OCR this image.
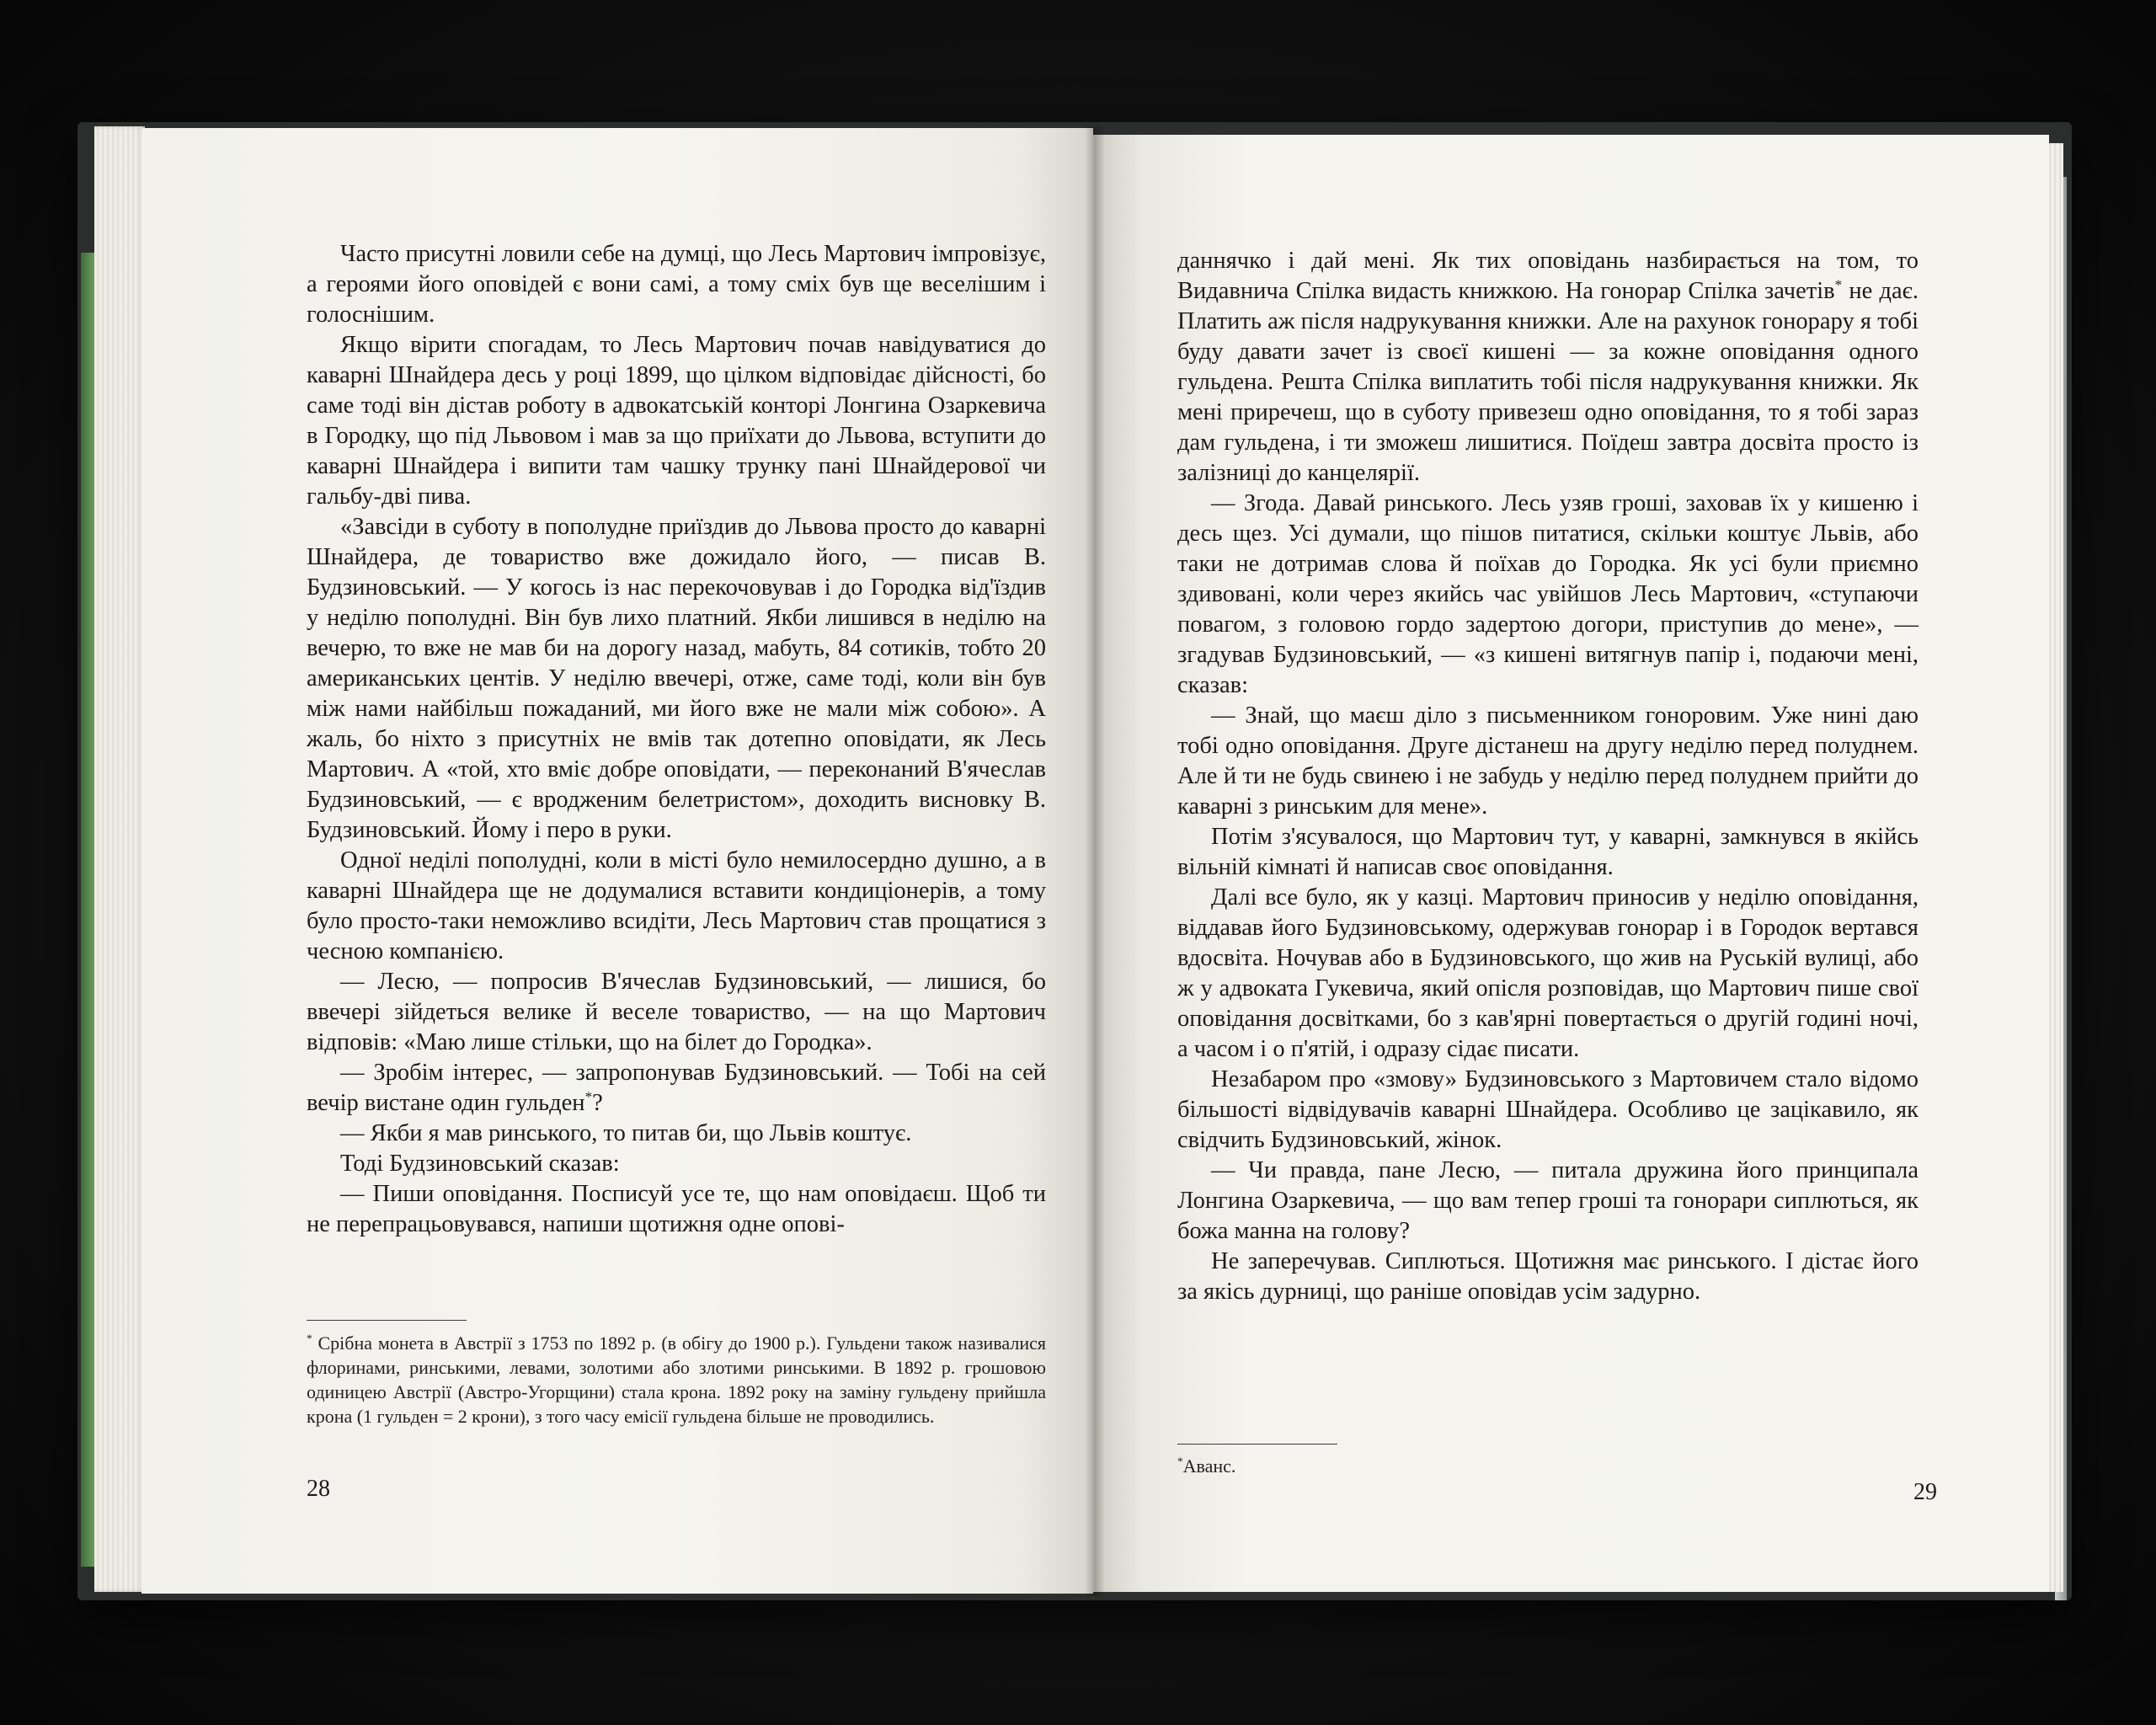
Часто присутні ловили себе на думці, що Лесь Мартович імпровізує, а героями його оповідей є вони самі, а тому сміх був ще веселішим і голоснішим.

Якщо вірити спогадам, то Лесь Мартович почав навідуватися до каварні Шнайдера десь у році 1899, що цілком відповідає дійсності, бо саме тоді він дістав роботу в адвокатській конторі Лонгина Озаркевича в Городку, що під Львовом і мав за що приїхати до Львова, вступити до каварні Шнайдера і випити там чашку трунку пані Шнайдерової чи гальбу-дві пива.

«Завсіди в суботу в пополудне приїздив до Львова просто до каварні Шнайдера, де товариство вже дожидало його, — писав В. Будзиновський. — У когось із нас перекочовував і до Городка від'їздив у неділю пополудні. Він був лихо платний. Якби лишився в неділю на вечерю, то вже не мав би на дорогу назад, мабуть, 84 сотиків, тобто 20 американських центів. У неділю ввечері, отже, саме тоді, коли він був між нами найбільш пожаданий, ми його вже не мали між собою». А жаль, бо ніхто з присутніх не вмів так дотепно оповідати, як Лесь Мартович. А «той, хто вміє добре оповідати, — переконаний В'ячеслав Будзиновський, — є вродженим белетристом», доходить висновку В. Будзиновський. Йому і перо в руки.

Одної неділі пополудні, коли в місті було немилосердно душно, а в каварні Шнайдера ще не додумалися вставити кондиціонерів, а тому було просто-таки неможливо всидіти, Лесь Мартович став прощатися з чесною компанією.

— Лесю, — попросив В'ячеслав Будзиновський, — лишися, бо ввечері зійдеться велике й веселе товариство, — на що Мартович відповів: «Маю лише стільки, що на білет до Городка».

— Зробім інтерес, — запропонував Будзиновський. — Тобі на сей вечір вистане один гульден*?

— Якби я мав ринського, то питав би, що Львів коштує.

Тоді Будзиновський сказав:

— Пиши оповідання. Посписуй усе те, що нам оповідаєш. Щоб ти не перепрацьовувався, напиши щотижня одне опові-

* Срібна монета в Австрії з 1753 по 1892 р. (в обігу до 1900 р.). Гульдени також називалися флоринами, ринськими, левами, золотими або злотими ринськими. В 1892 р. грошовою одиницею Австрії (Австро-Угорщини) стала крона. 1892 року на заміну гульдену прийшла крона (1 гульден = 2 крони), з того часу емісії гульдена більше не проводились.
28

даннячко і дай мені. Як тих оповідань назбирається на том, то Видавнича Спілка видасть книжкою. На гонорар Спілка зачетів* не дає. Платить аж після надрукування книжки. Але на рахунок гонорару я тобі буду давати зачет із своєї кишені — за кожне оповідання одного гульдена. Решта Спілка виплатить тобі після надрукування книжки. Як мені приречеш, що в суботу привезеш одно оповідання, то я тобі зараз дам гульдена, і ти зможеш лишитися. Поїдеш завтра досвіта просто із залізниці до канцелярії.

— Згода. Давай ринського. Лесь узяв гроші, заховав їх у кишеню і десь щез. Усі думали, що пішов питатися, скільки коштує Львів, або таки не дотримав слова й поїхав до Городка. Як усі були приємно здивовані, коли через якийсь час увійшов Лесь Мартович, «ступаючи повагом, з головою гордо задертою догори, приступив до мене», — згадував Будзиновський, — «з кишені витягнув папір і, подаючи мені, сказав:

— Знай, що маєш діло з письменником гоноровим. Уже нині даю тобі одно оповідання. Друге дістанеш на другу неділю перед полуднем. Але й ти не будь свинею і не забудь у неділю перед полуднем прийти до каварні з ринським для мене».

Потім з'ясувалося, що Мартович тут, у каварні, замкнувся в якійсь вільній кімнаті й написав своє оповідання.

Далі все було, як у казці. Мартович приносив у неділю оповідання, віддавав його Будзиновському, одержував гонорар і в Городок вертався вдосвіта. Ночував або в Будзиновського, що жив на Руській вулиці, або ж у адвоката Гукевича, який опісля розповідав, що Мартович пише свої оповідання досвітками, бо з кав'ярні повертається о другій годині ночі, а часом і о п'ятій, і одразу сідає писати.

Незабаром про «змову» Будзиновського з Мартовичем стало відомо більшості відвідувачів каварні Шнайдера. Особливо це зацікавило, як свідчить Будзиновський, жінок.

— Чи правда, пане Лесю, — питала дружина його принципала Лонгина Озаркевича, — що вам тепер гроші та гонорари сиплються, як божа манна на голову?

Не заперечував. Сиплються. Щотижня має ринського. І дістає його за якісь дурниці, що раніше оповідав усім задурно.

*Аванс.
29
